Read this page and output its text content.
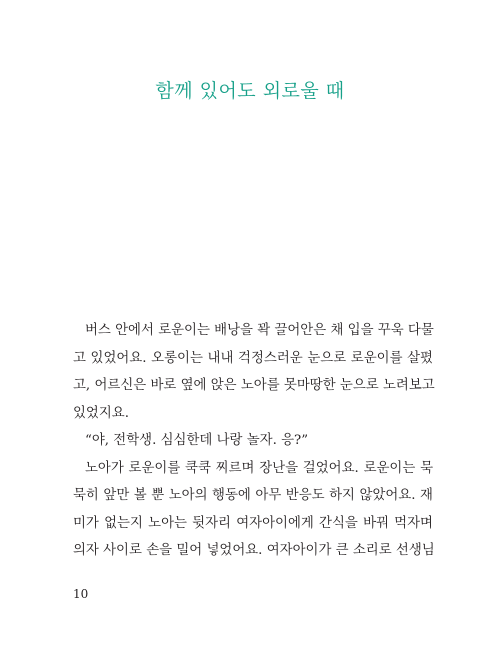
함께 있어도 외로울 때
버스 안에서 로운이는 배낭을 꽉 끌어안은 채 입을 꾸욱 다물
고 있었어요. 오롱이는 내내 걱정스러운 눈으로 로운이를 살폈
고, 어르신은 바로 옆에 앉은 노아를 못마땅한 눈으로 노려보고
있었지요.
“야, 전학생. 심심한데 나랑 놀자. 응?”
노아가 로운이를 쿡쿡 찌르며 장난을 걸었어요. 로운이는 묵
묵히 앞만 볼 뿐 노아의 행동에 아무 반응도 하지 않았어요. 재
미가 없는지 노아는 뒷자리 여자아이에게 간식을 바꿔 먹자며
의자 사이로 손을 밀어 넣었어요. 여자아이가 큰 소리로 선생님
10
